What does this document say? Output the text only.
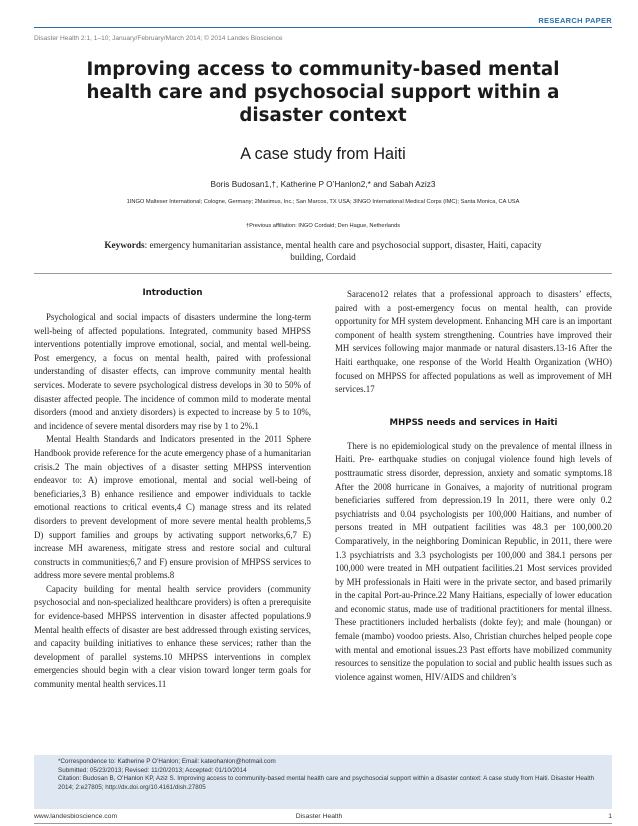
RESEARCH PAPER
Disaster Health 2:1, 1–10; January/February/March 2014; © 2014 Landes Bioscience
Improving access to community-based mental
health care and psychosocial support within a
disaster context
A case study from Haiti
Boris Budosan1,†, Katherine P O’Hanlon2,* and Sabah Aziz3
1INGO Malteser International; Cologne, Germany; 2Maximus, Inc.; San Marcos, TX USA; 3INGO International Medical Corps (IMC); Santa Monica, CA USA
†Previous affiliation: INGO Cordaid; Den Hague, Netherlands
Keywords: emergency humanitarian assistance, mental health care and psychosocial support, disaster, Haiti, capacity building, Cordaid
Introduction

Psychological and social impacts of disasters undermine the long-term well-being of affected populations. Integrated, community based MHPSS interventions potentially improve emotional, social, and mental well-being. Post emergency, a focus on mental health, paired with professional understanding of disaster effects, can improve community mental health services. Moderate to severe psychological distress develops in 30 to 50% of disaster affected people. The incidence of common mild to moderate mental disorders (mood and anxiety disorders) is expected to increase by 5 to 10%, and incidence of severe mental disorders may rise by 1 to 2%.1

Mental Health Standards and Indicators presented in the 2011 Sphere Handbook provide reference for the acute emergency phase of a humanitarian crisis.2 The main objectives of a disaster setting MHPSS intervention endeavor to: A) improve emotional, mental and social well-being of beneficiaries,3 B) enhance resilience and empower individuals to tackle emotional reactions to critical events,4 C) manage stress and its related disorders to prevent development of more severe mental health problems,5 D) support families and groups by activating support networks,6,7 E) increase MH awareness, mitigate stress and restore social and cultural constructs in communities;6,7 and F) ensure provision of MHPSS services to address more severe mental problems.8

Capacity building for mental health service providers (community psychosocial and non-specialized healthcare providers) is often a prerequisite for evidence-based MHPSS intervention in disaster affected populations.9 Mental health effects of disaster are best addressed through existing services, and capacity building initiatives to enhance these services; rather than the development of parallel systems.10 MHPSS interventions in complex emergencies should begin with a clear vision toward longer term goals for community mental health services.11

Saraceno12 relates that a professional approach to disasters’ effects, paired with a post-emergency focus on mental health, can provide opportunity for MH system development. Enhancing MH care is an important component of health system strengthening. Countries have improved their MH services following major manmade or natural disasters.13-16 After the Haiti earthquake, one response of the World Health Organization (WHO) focused on MHPSS for affected populations as well as improvement of MH services.17

MHPSS needs and services in Haiti

There is no epidemiological study on the prevalence of mental illness in Haiti. Pre- earthquake studies on conjugal violence found high levels of posttraumatic stress disorder, depression, anxiety and somatic symptoms.18 After the 2008 hurricane in Gonaives, a majority of nutritional program beneficiaries suffered from depression.19 In 2011, there were only 0.2 psychiatrists and 0.04 psychologists per 100,000 Haitians, and number of persons treated in MH outpatient facilities was 48.3 per 100,000.20 Comparatively, in the neighboring Dominican Republic, in 2011, there were 1.3 psychiatrists and 3.3 psychologists per 100,000 and 384.1 persons per 100,000 were treated in MH outpatient facilities.21 Most services provided by MH professionals in Haiti were in the private sector, and based primarily in the capital Port-au-Prince.22 Many Haitians, especially of lower education and economic status, made use of traditional practitioners for mental illness. These practitioners included herbalists (dokte fey); and male (houngan) or female (mambo) voodoo priests. Also, Christian churches helped people cope with mental and emotional issues.23 Past efforts have mobilized community resources to sensitize the population to social and public health issues such as violence against women, HIV/AIDS and children’s

*Correspondence to: Katherine P O’Hanlon; Email: kateohanlon@hotmail.com
Submitted: 05/23/2013; Revised: 11/20/2013; Accepted: 01/10/2014
Citation: Budosan B, O’Hanlon KP, Aziz S. Improving access to community-based mental health care and psychosocial support within a disaster context: A case study from Haiti. Disaster Health 2014; 2:e27805; http://dx.doi.org/10.4161/dish.27805
www.landesbioscience.com	Disaster Health	1
